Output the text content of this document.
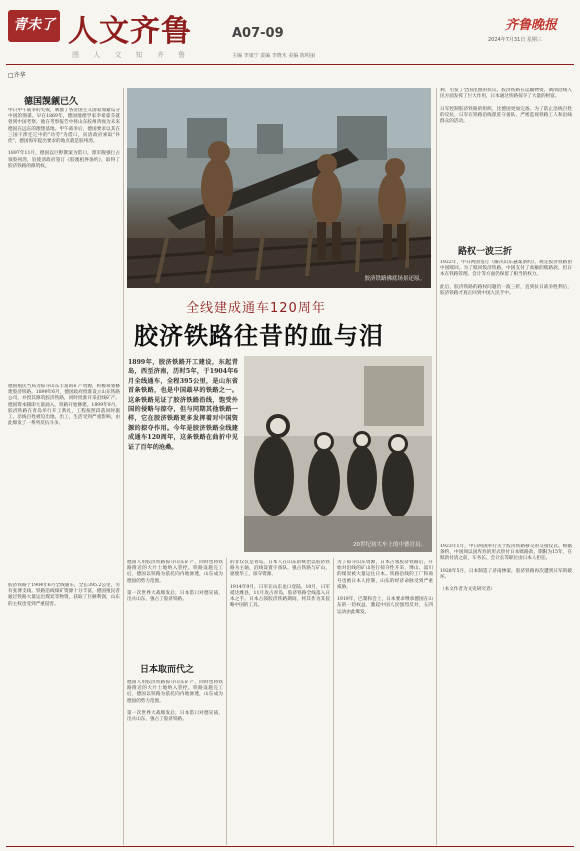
青未了 人文齐鲁	A07-09
图 人 文 知 齐 鲁	主编 李康宁 责编 李晓木 美编 陈明丽
齐鲁晚报
2024年7月31日 星期三
□齐华
德国觊觎已久
中日甲午战争的失败，刺激了各帝国主义国家加紧瓜分中国的图谋。早在1869年，德国地理学家李希霍芬就曾到中国考察，他在考察报告中将山东胶州湾视为未来德国在远东的理想基地。甲午战争后，德国要求以其在三国干涉还辽中的"功劳"为借口，向清政府索取"补偿"，德国海军提出要求的地点就是胶州湾。

1897年11月，德国以巨野教案为借口，派军舰强行占领胶州湾，迫使清政府签订《胶澳租界条约》，取得了胶济铁路的修筑权。
德国殖民当局为掠夺山东丰富的矿产资源，积极筹划修建胶济铁路。1899年6月，德国政府批准设立山东铁路公司，并授其修筑胶济铁路，同时批准开采沿线矿产。德国资本随即大量涌入，铁路开始修建。1899年9月，胶济铁路在青岛举行开工典礼，工程按照段落同时施工，沿线百姓被迫出地、出工，生活受到严重影响，由此爆发了一系列反抗斗争。
胶济铁路于1904年6月全线通车，全长395.2公里，另有张博支线。铁路沿线煤矿资源十分丰富，德国殖民者通过铁路大量运出煤炭等物资，获取了巨额利润，山东的主权也受到严重侵害。
胶济铁路佛底场景还原。
全线建成通车120周年
胶济铁路往昔的血与泪
1899年，胶济铁路开工建设，东起青岛，西至济南，历时5年，于1904年6月全线通车，全程395公里，是山东省首条铁路，也是中国最早的铁路之一。这条铁路见证了胶济铁路沿线，饱受外国的侵略与掠夺，但与同期其他铁路一样，它在胶济铁路更多发挥着对中国资源的掠夺作用。今年是胶济铁路全线建成通车120周年，这条铁路在曲折中见证了百年的沧桑。
20世纪初大车上的中德官员。
德国人用胶济铁路掠夺山东矿产，同时也将铁路附近的大片土地纳入管控。铁路设施完工后，德国以铁路为依托向内地渗透，山东成为德国的势力范围。

第一次世界大战爆发后，日本借口对德宣战，出兵山东，强占了胶济铁路。
日本取而代之
德国人用胶济铁路掠夺山东矿产，同时也将铁路附近的大片土地纳入管控。铁路设施完工后，德国以铁路为依托向内地渗透，山东成为德国的势力范围。

第一次世界大战爆发后，日本借口对德宣战，出兵山东，强占了胶济铁路。
的非仅仅是青岛，日本人在山东的统治以胶济铁路为主轴，沿线设置守备队，强占铁路与矿山，驱使华工，掠夺资源。

1914年9月，日军在山东龙口登陆，10月，日军抵达潍县，11月攻占青岛，胶济铁路全线落入日本之手。日本占领胶济铁路期间，将其作为其侵略中国的工具。
为了掠夺山东资源，日本占领胶济铁路后，开始对沿线的矿山进行掠夺性开采，博山、淄川的煤炭被大量运往日本。铁路沿线的工厂和商号也被日本人控制，山东的经济命脉受到严重威胁。

1919年，巴黎和会上，日本要求继承德国在山东的一切权益，激起中国人民强烈反对，五四运动由此爆发。
利，引发了全国范围的抗议。胶济铁路在运输物资、剥削沿线人民方面发挥了巨大作用，日本通过铁路掠夺了大量的财富。

日军控制胶济铁路的组织，比德国更加完备。为了防止沿线百姓的反抗，日军在铁路沿线派驻守备队，严密监视铁路工人和沿线群众的活动。
路权一波三折
1922年，中日两国签订《解决山东悬案条约》，规定胶济铁路由中国赎回。为了赎回胶济铁路，中国支付了高额的赎路款，但日本在铁路管理、会计等方面仍保留了相当的权力。

此后，胶济铁路的路权问题仍一波三折，直到抗日战争胜利后，胶济铁路才真正回到中国人民手中。
1923年1月，中日两国举行关于胶济铁路移交的交接仪式。根据条约，中国须以国库券的形式偿付日本赎路款，期限为15年，在赎款付清之前，车务长、会计长等职位由日本人担任。

1928年5月，日本制造了济南惨案，胶济铁路再次遭到日军的破坏。

（本文作者为文史研究者）
